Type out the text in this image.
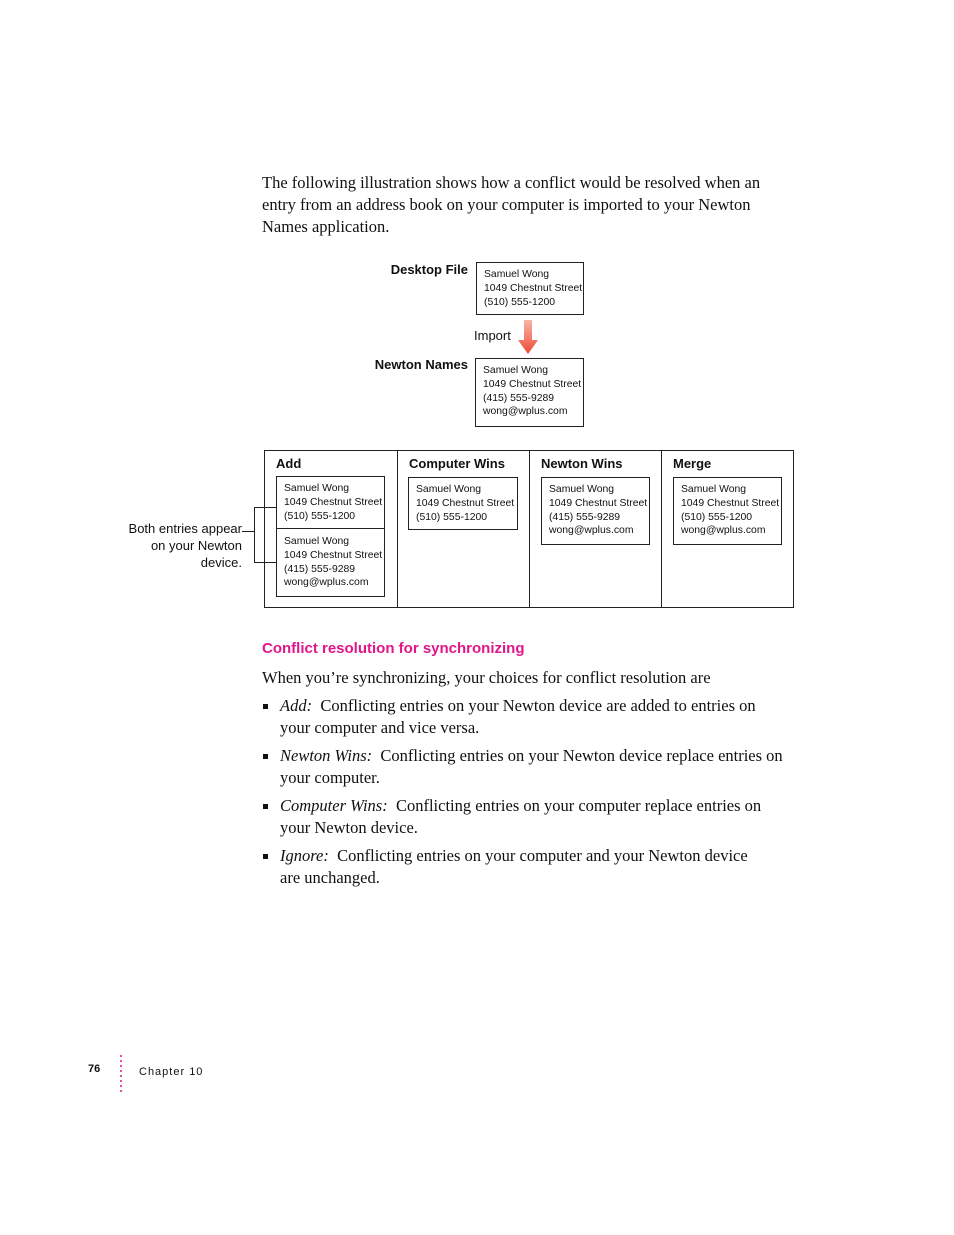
The following illustration shows how a conflict would be resolved when an

entry from an address book on your computer is imported to your Newton

Names application.

Desktop File Samuel Wong
1049 Chestnut Street
(510) 555-1200
Import
Newton Names Samuel Wong
1049 Chestnut Street
(415) 555-9289
wong@wplus.com
Add
Samuel Wong
1049 Chestnut Street
(510) 555-1200
Samuel Wong
1049 Chestnut Street
(415) 555-9289
wong@wplus.com
Computer Wins
Samuel Wong
1049 Chestnut Street
(510) 555-1200
Newton Wins
Samuel Wong
1049 Chestnut Street
(415) 555-9289
wong@wplus.com
Merge
Samuel Wong
1049 Chestnut Street
(510) 555-1200
wong@wplus.com
Both entries appear
on your Newton
device.
Conflict resolution for synchronizing

When you’re synchronizing, your choices for conflict resolution are

Add: Conflicting entries on your Newton device are added to entries on
your computer and vice versa.
Newton Wins: Conflicting entries on your Newton device replace entries on
your computer.
Computer Wins: Conflicting entries on your computer replace entries on
your Newton device.
Ignore: Conflicting entries on your computer and your Newton device
are unchanged.
76	Chapter 10
